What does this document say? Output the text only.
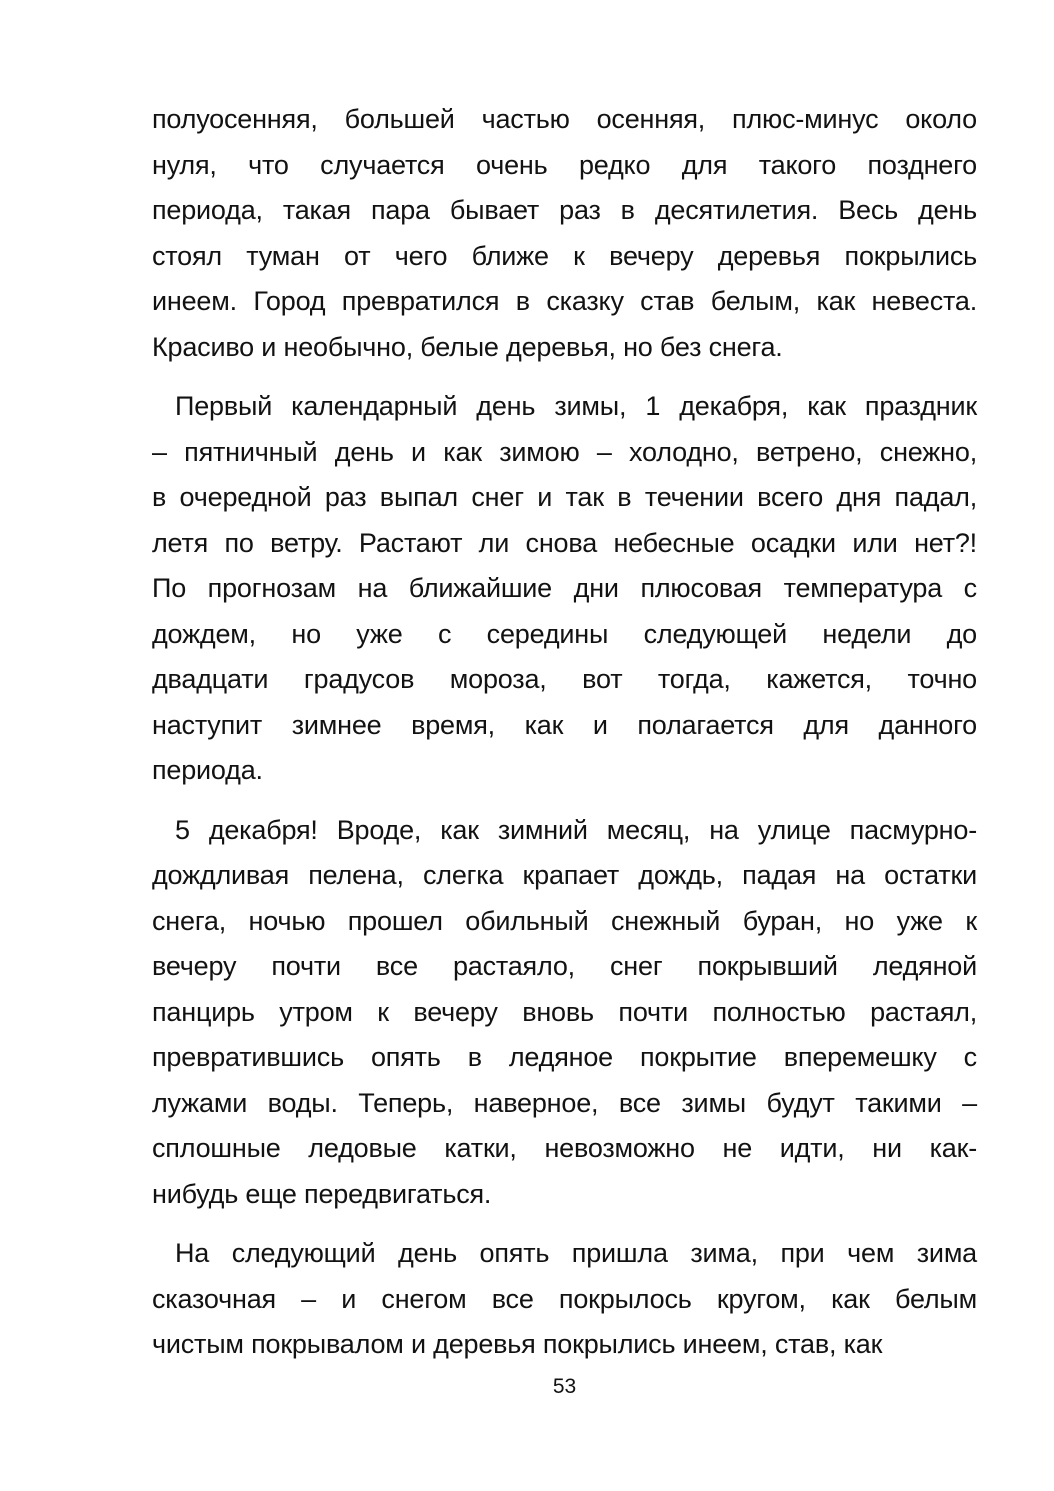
полуосенняя, большей частью осенняя, плюс-минус около
нуля, что случается очень редко для такого позднего
периода, такая пара бывает раз в десятилетия. Весь день
стоял туман от чего ближе к вечеру деревья покрылись
инеем. Город превратился в сказку став белым, как невеста.
Красиво и необычно, белые деревья, но без снега.
Первый календарный день зимы, 1 декабря, как праздник
– пятничный день и как зимою – холодно, ветрено, снежно,
в очередной раз выпал снег и так в течении всего дня падал,
летя по ветру. Растают ли снова небесные осадки или нет?!
По прогнозам на ближайшие дни плюсовая температура с
дождем, но уже с середины следующей недели до
двадцати градусов мороза, вот тогда, кажется, точно
наступит зимнее время, как и полагается для данного
периода.
5 декабря! Вроде, как зимний месяц, на улице пасмурно-
дождливая пелена, слегка крапает дождь, падая на остатки
снега, ночью прошел обильный снежный буран, но уже к
вечеру почти все растаяло, снег покрывший ледяной
панцирь утром к вечеру вновь почти полностью растаял,
превратившись опять в ледяное покрытие вперемешку с
лужами воды. Теперь, наверное, все зимы будут такими –
сплошные ледовые катки, невозможно не идти, ни как-
нибудь еще передвигаться.
На следующий день опять пришла зима, при чем зима
сказочная – и снегом все покрылось кругом, как белым
чистым покрывалом и деревья покрылись инеем, став, как
53
